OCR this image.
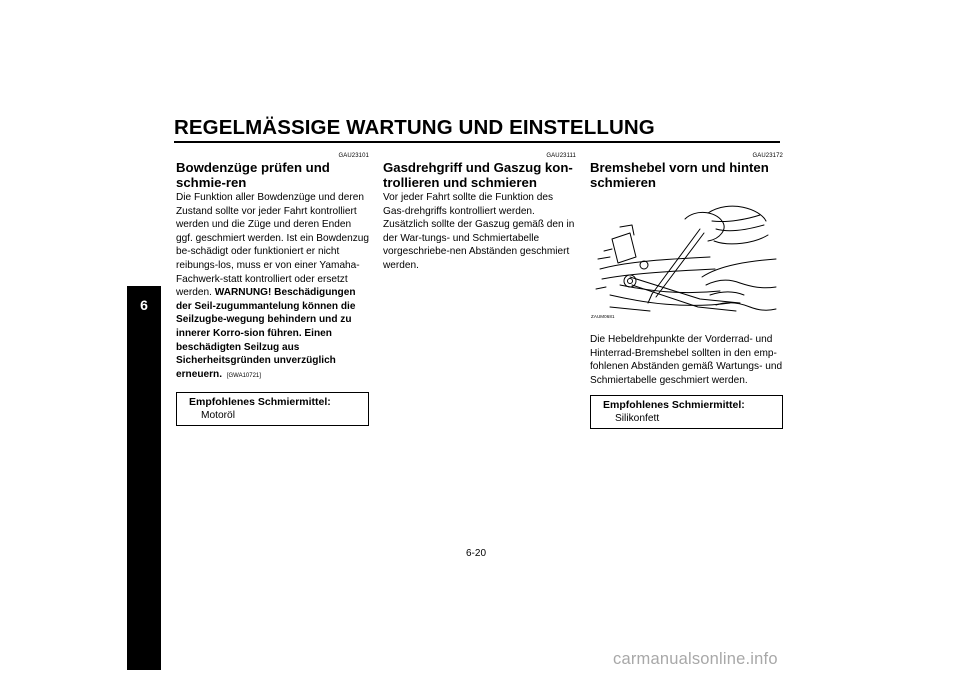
REGELMÄSSIGE WARTUNG UND EINSTELLUNG
6
GAU23101
Bowdenzüge prüfen und schmie-ren

Die Funktion aller Bowdenzüge und deren Zustand sollte vor jeder Fahrt kontrolliert werden und die Züge und deren Enden ggf. geschmiert werden. Ist ein Bowdenzug be-schädigt oder funktioniert er nicht reibungs-los, muss er von einer Yamaha-Fachwerk-statt kontrolliert oder ersetzt werden. WARNUNG! Beschädigungen der Seil-zugummantelung können die Seilzugbe-wegung behindern und zu innerer Korro-sion führen. Einen beschädigten Seilzug aus Sicherheitsgründen unverzüglich erneuern. [GWA10721]

Empfohlenes Schmiermittel:
Motoröl
GAU23111
Gasdrehgriff und Gaszug kon-trollieren und schmieren

Vor jeder Fahrt sollte die Funktion des Gas-drehgriffs kontrolliert werden. Zusätzlich sollte der Gaszug gemäß den in der War-tungs- und Schmiertabelle vorgeschriebe-nen Abständen geschmiert werden.

GAU23172
Bremshebel vorn und hinten schmieren
ZAUM0681

Die Hebeldrehpunkte der Vorderrad- und Hinterrad-Bremshebel sollten in den emp-fohlenen Abständen gemäß Wartungs- und Schmiertabelle geschmiert werden.

Empfohlenes Schmiermittel:
Silikonfett
6-20
carmanualsonline.info
